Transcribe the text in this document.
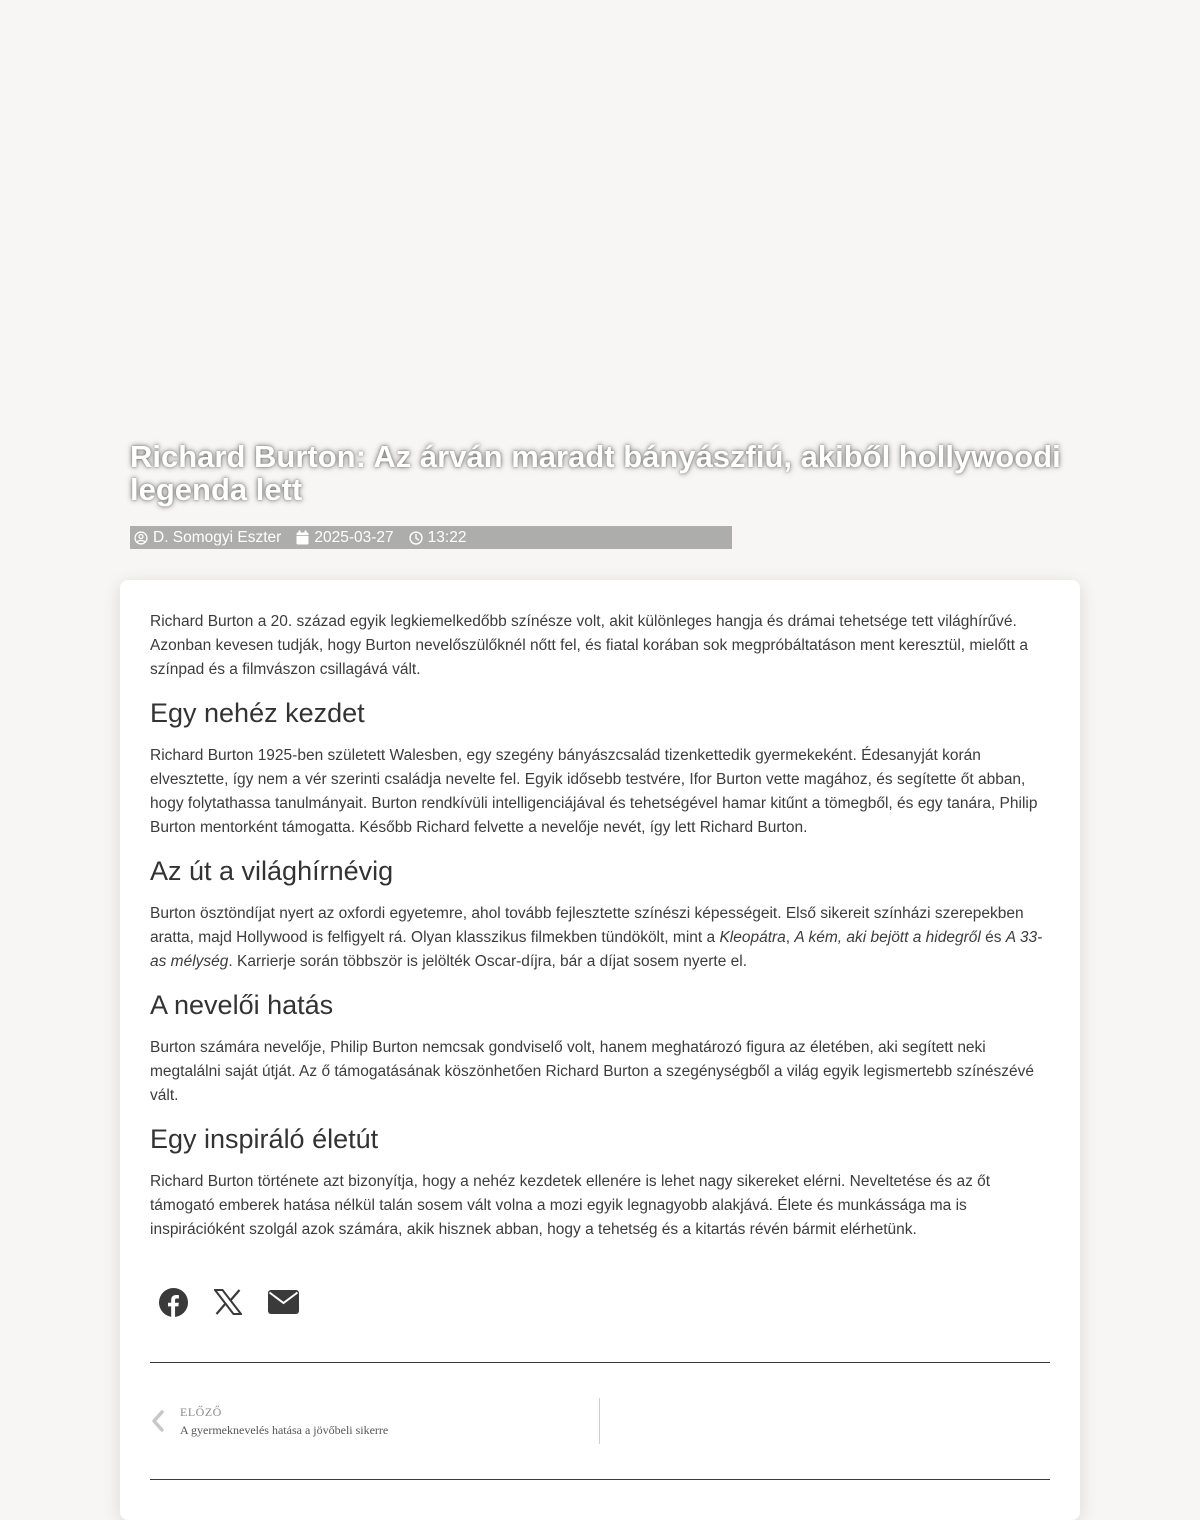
Richard Burton: Az árván maradt bányászfiú, akiből hollywoodi legenda lett
D. Somogyi Eszter 2025-03-27 13:22

Richard Burton a 20. század egyik legkiemelkedőbb színésze volt, akit különleges hangja és drámai tehetsége tett világhírűvé. Azonban kevesen tudják, hogy Burton nevelőszülőknél nőtt fel, és fiatal korában sok megpróbáltatáson ment keresztül, mielőtt a színpad és a filmvászon csillagává vált.

Egy nehéz kezdet

Richard Burton 1925-ben született Walesben, egy szegény bányászcsalád tizenkettedik gyermekeként. Édesanyját korán elvesztette, így nem a vér szerinti családja nevelte fel. Egyik idősebb testvére, Ifor Burton vette magához, és segítette őt abban, hogy folytathassa tanulmányait. Burton rendkívüli intelligenciájával és tehetségével hamar kitűnt a tömegből, és egy tanára, Philip Burton mentorként támogatta. Később Richard felvette a nevelője nevét, így lett Richard Burton.

Az út a világhírnévig

Burton ösztöndíjat nyert az oxfordi egyetemre, ahol tovább fejlesztette színészi képességeit. Első sikereit színházi szerepekben aratta, majd Hollywood is felfigyelt rá. Olyan klasszikus filmekben tündökölt, mint a Kleopátra, A kém, aki bejött a hidegről és A 33-as mélység. Karrierje során többször is jelölték Oscar-díjra, bár a díjat sosem nyerte el.

A nevelői hatás

Burton számára nevelője, Philip Burton nemcsak gondviselő volt, hanem meghatározó figura az életében, aki segített neki megtalálni saját útját. Az ő támogatásának köszönhetően Richard Burton a szegénységből a világ egyik legismertebb színészévé vált.

Egy inspiráló életút

Richard Burton története azt bizonyítja, hogy a nehéz kezdetek ellenére is lehet nagy sikereket elérni. Neveltetése és az őt támogató emberek hatása nélkül talán sosem vált volna a mozi egyik legnagyobb alakjává. Élete és munkássága ma is inspirációként szolgál azok számára, akik hisznek abban, hogy a tehetség és a kitartás révén bármit elérhetünk.

ELŐZŐ
A gyermeknevelés hatása a jövőbeli sikerre
